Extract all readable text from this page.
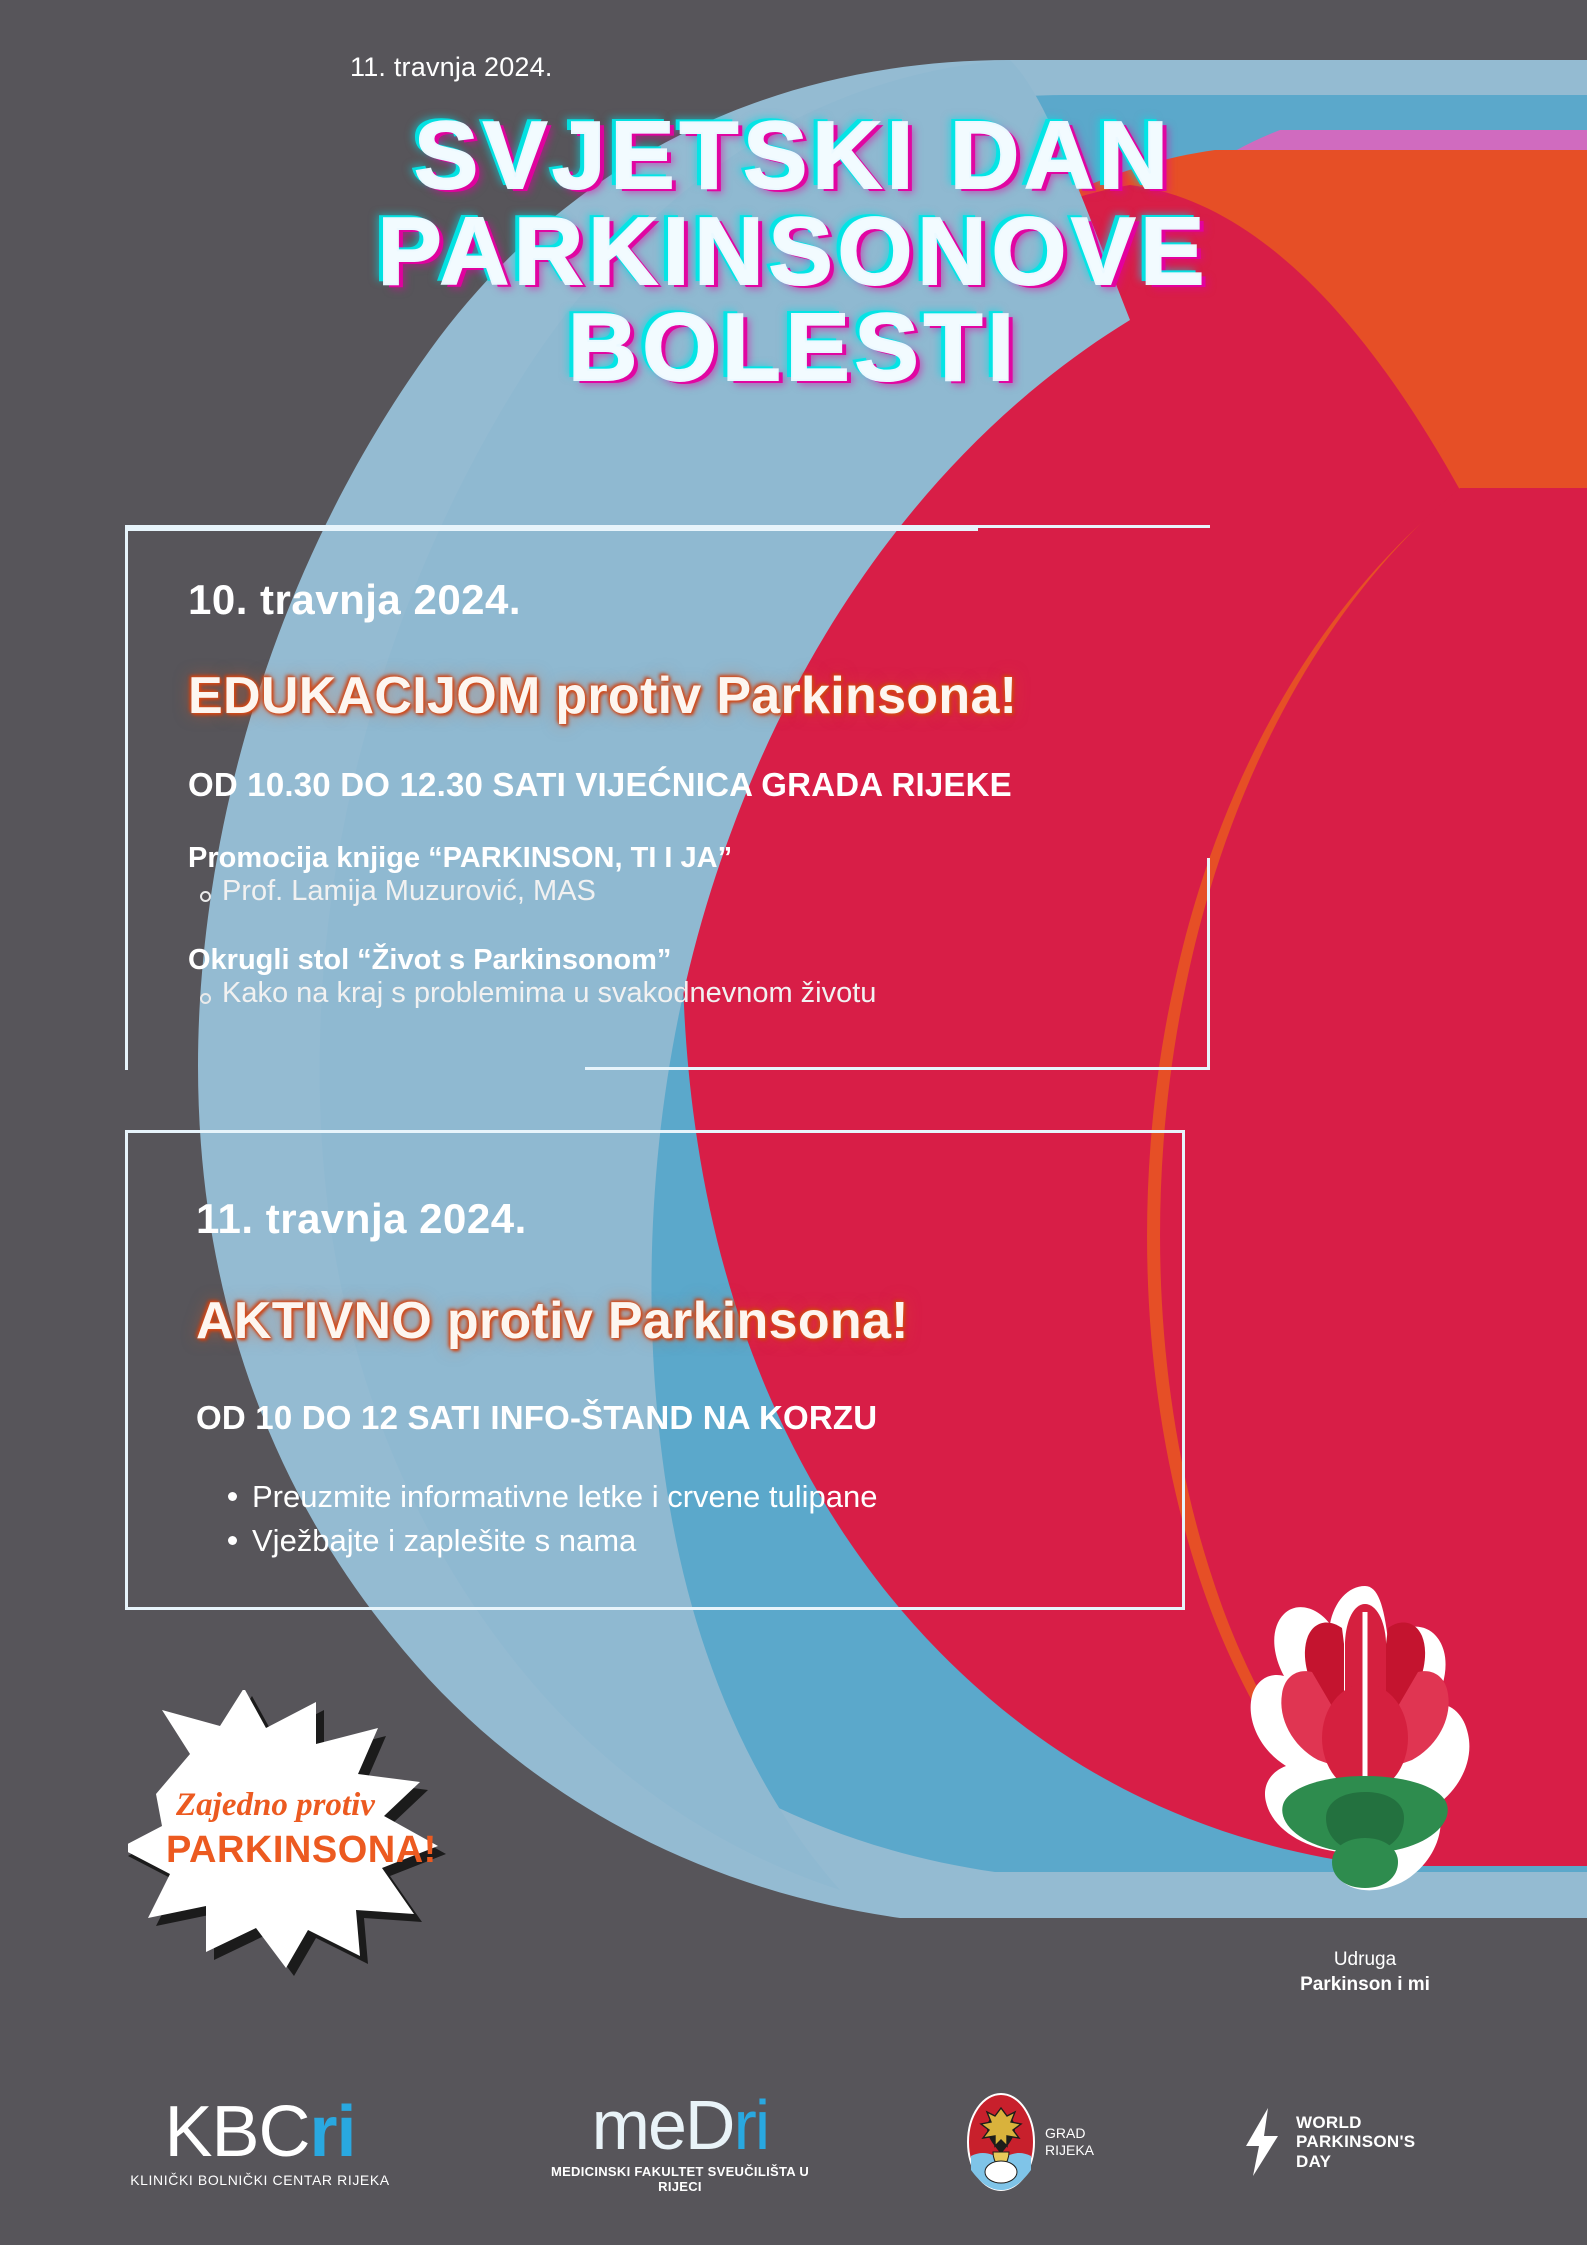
11. travnja 2024.
SVJETSKI DAN
PARKINSONOVE
BOLESTI
10. travnja 2024.
EDUKACIJOM protiv Parkinsona!
OD 10.30 DO 12.30 SATI VIJEĆNICA GRADA RIJEKE
Promocija knjige “PARKINSON, TI I JA”
Prof. Lamija Muzurović, MAS
Okrugli stol “Život s Parkinsonom”
Kako na kraj s problemima u svakodnevnom životu
11. travnja 2024.
AKTIVNO protiv Parkinsona!
OD 10 DO 12 SATI INFO-ŠTAND NA KORZU
Preuzmite informativne letke i crvene tulipane
Vježbajte i zaplešite s nama
Zajedno protiv
PARKINSONA!
Udruga
Parkinson i mi
KBCri
KLINIČKI BOLNIČKI CENTAR RIJEKA
meDri
MEDICINSKI FAKULTET SVEUČILIŠTA U RIJECI
GRAD
RIJEKA
WORLD
PARKINSON'S
DAY
